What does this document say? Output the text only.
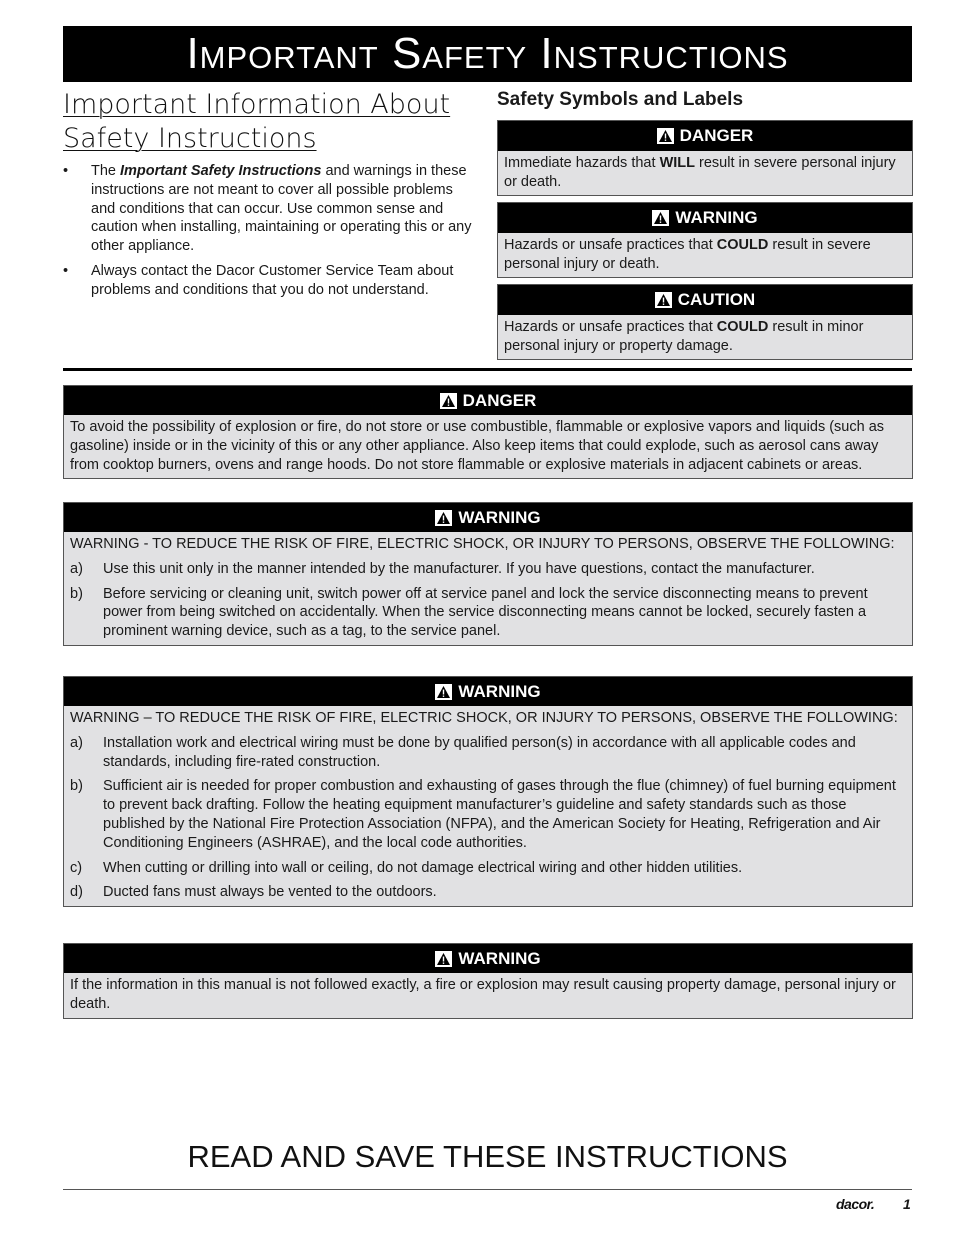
Important Safety Instructions
Important Information About
Safety Instructions
• The Important Safety Instructions and warnings in these instructions are not meant to cover all possible problems and conditions that can occur. Use common sense and caution when installing, maintaining or operating this or any other appliance.
• Always contact the Dacor Customer Service Team about problems and conditions that you do not understand.
Safety Symbols and Labels
DANGER
Immediate hazards that WILL result in severe personal injury or death.
WARNING
Hazards or unsafe practices that COULD result in severe personal injury or death.
CAUTION
Hazards or unsafe practices that COULD result in minor personal injury or property damage.
DANGER
To avoid the possibility of explosion or fire, do not store or use combustible, flammable or explosive vapors and liquids (such as gasoline) inside or in the vicinity of this or any other appliance. Also keep items that could explode, such as aerosol cans away from cooktop burners, ovens and range hoods. Do not store flammable or explosive materials in adjacent cabinets or areas.
WARNING
WARNING - TO REDUCE THE RISK OF FIRE, ELECTRIC SHOCK, OR INJURY TO PERSONS, OBSERVE THE FOLLOWING:
a) Use this unit only in the manner intended by the manufacturer. If you have questions, contact the manufacturer.
b) Before servicing or cleaning unit, switch power off at service panel and lock the service disconnecting means to prevent power from being switched on accidentally. When the service disconnecting means cannot be locked, securely fasten a prominent warning device, such as a tag, to the service panel.
WARNING
WARNING – TO REDUCE THE RISK OF FIRE, ELECTRIC SHOCK, OR INJURY TO PERSONS, OBSERVE THE FOLLOWING:
a) Installation work and electrical wiring must be done by qualified person(s) in accordance with all applicable codes and standards, including fire-rated construction.
b) Sufficient air is needed for proper combustion and exhausting of gases through the flue (chimney) of fuel burning equipment to prevent back drafting. Follow the heating equipment manufacturer’s guideline and safety standards such as those published by the National Fire Protection Association (NFPA), and the American Society for Heating, Refrigeration and Air Conditioning Engineers (ASHRAE), and the local code authorities.
c) When cutting or drilling into wall or ceiling, do not damage electrical wiring and other hidden utilities.
d) Ducted fans must always be vented to the outdoors.
WARNING
If the information in this manual is not followed exactly, a fire or explosion may result causing property damage, personal injury or death.
READ AND SAVE THESE INSTRUCTIONS
dacor. 1
